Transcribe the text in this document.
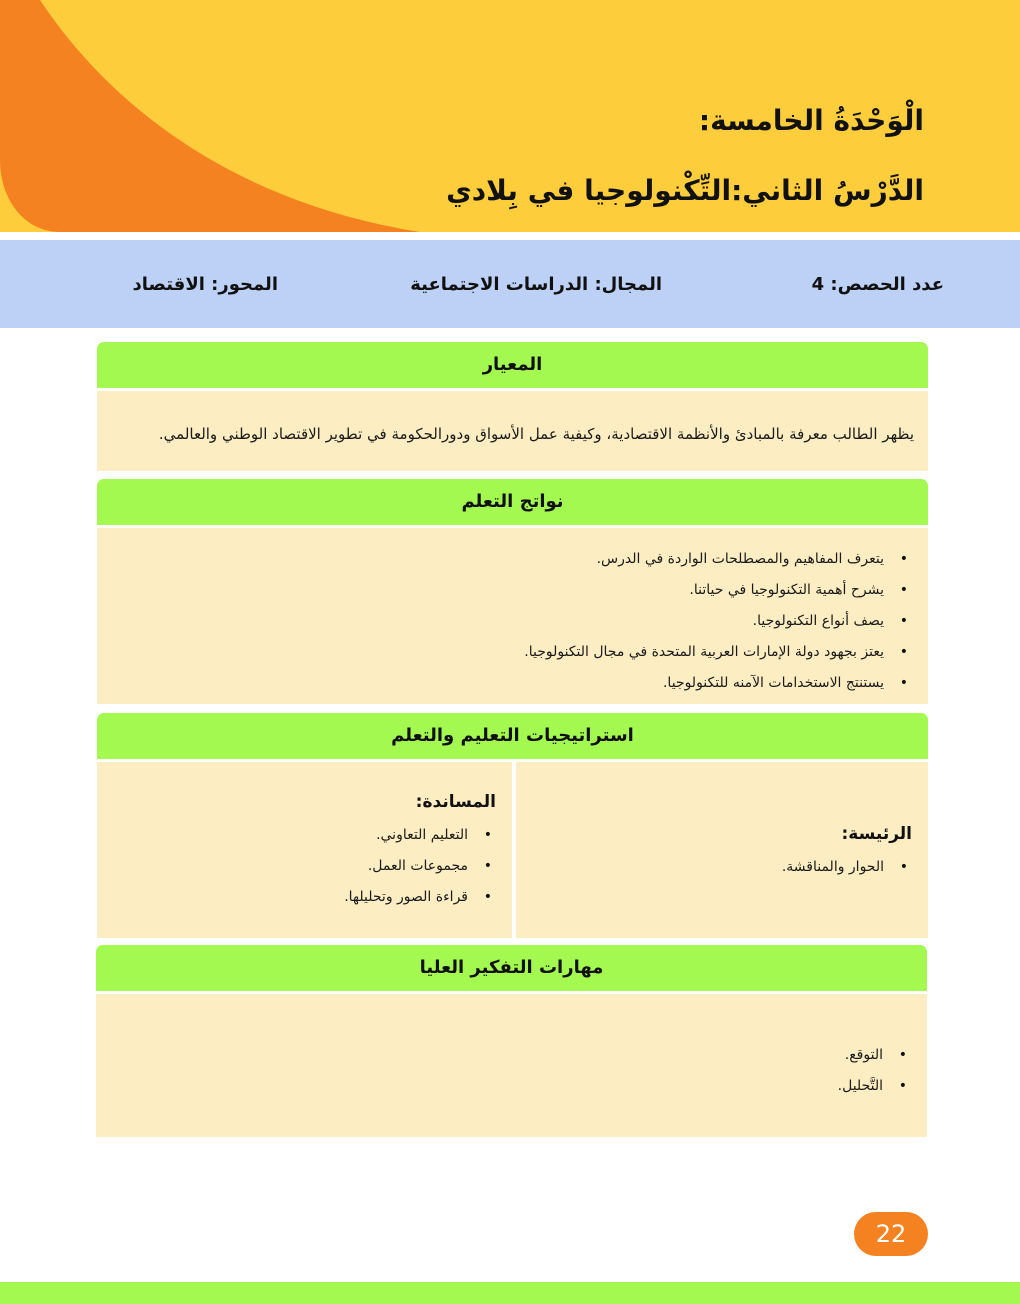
الْوَحْدَةُ الخامسة:
الدَّرْسُ الثاني:التِّكْنولوجيا في بِلادي
عدد الحصص: 4
المجال: الدراسات الاجتماعية
المحور: الاقتصاد
المعيار
يظهر الطالب معرفة بالمبادئ والأنظمة الاقتصادية، وكيفية عمل الأسواق ودورالحكومة في تطوير الاقتصاد الوطني والعالمي.
نواتج التعلم
• يتعرف المفاهيم والمصطلحات الواردة في الدرس.
• يشرح أهمية التكنولوجيا في حياتنا.
• يصف أنواع التكنولوجيا.
• يعتز بجهود دولة الإمارات العربية المتحدة في مجال التكنولوجيا.
• يستنتج الاستخدامات الآمنه للتكنولوجيا.
استراتيجيات التعليم والتعلم
الرئيسة:
• الحوار والمناقشة.
المساندة:
• التعليم التعاوني.
• مجموعات العمل.
• قراءة الصور وتحليلها.
مهارات التفكير العليا
• التوقع.
• التَّحليل.
22
